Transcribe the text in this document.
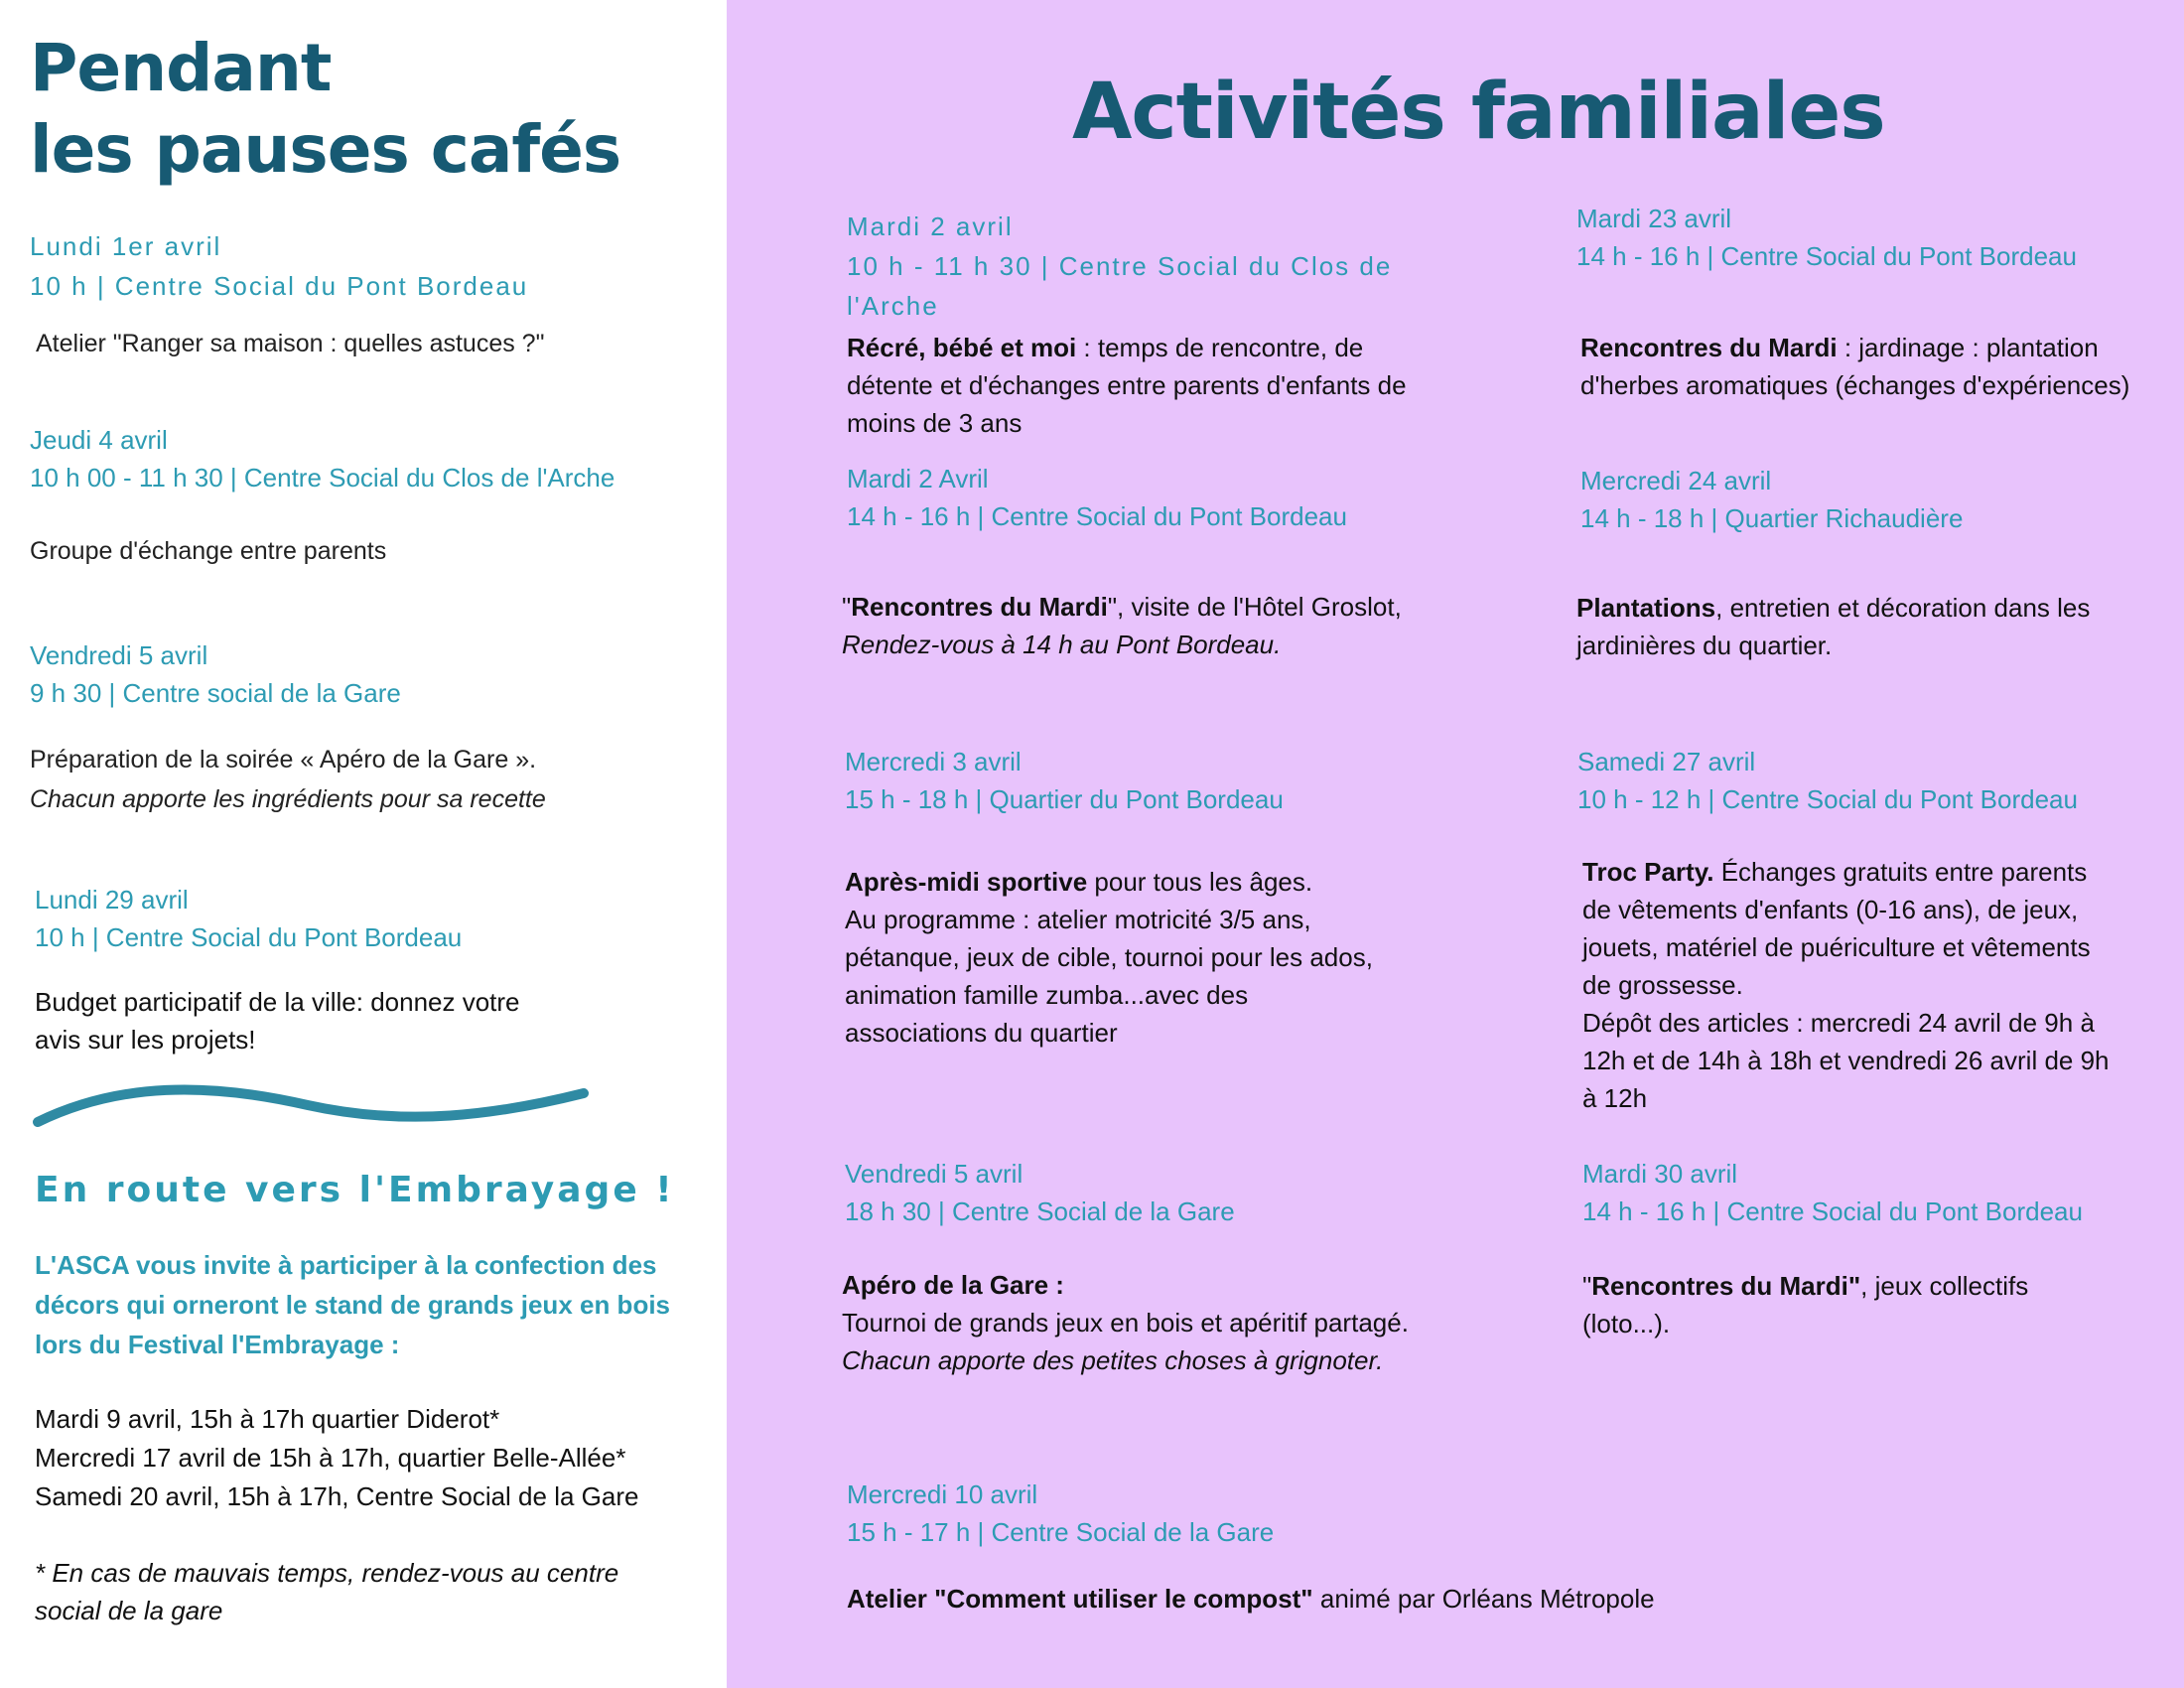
Pendant
les pauses cafés
Lundi 1er avril
10 h | Centre Social du Pont Bordeau
Atelier "Ranger sa maison : quelles astuces ?"
Jeudi 4 avril
10 h 00 - 11 h 30 | Centre Social du Clos de l'Arche
Groupe d'échange entre parents
Vendredi 5 avril
9 h 30 | Centre social de la Gare
Préparation de la soirée « Apéro de la Gare ».
Chacun apporte les ingrédients pour sa recette
Lundi 29 avril
10 h | Centre Social du Pont Bordeau
Budget participatif de la ville: donnez votre
avis sur les projets!
En route vers l'Embrayage !
L'ASCA vous invite à participer à la confection des
décors qui orneront le stand de grands jeux en bois
lors du Festival l'Embrayage :
Mardi 9 avril, 15h à 17h quartier Diderot*
Mercredi 17 avril de 15h à 17h, quartier Belle-Allée*
Samedi 20 avril, 15h à 17h, Centre Social de la Gare
* En cas de mauvais temps, rendez-vous au centre
social de la gare
Activités familiales
Mardi 2 avril
10 h - 11 h 30 | Centre Social du Clos de
l'Arche
Récré, bébé et moi : temps de rencontre, de
détente et d'échanges entre parents d'enfants de
moins de 3 ans
Mardi 2 Avril
14 h - 16 h | Centre Social du Pont Bordeau
"Rencontres du Mardi", visite de l'Hôtel Groslot,
Rendez-vous à 14 h au Pont Bordeau.
Mercredi 3 avril
15 h - 18 h | Quartier du Pont Bordeau
Après-midi sportive pour tous les âges.
Au programme : atelier motricité 3/5 ans,
pétanque, jeux de cible, tournoi pour les ados,
animation famille zumba...avec des
associations du quartier
Vendredi 5 avril
18 h 30 | Centre Social de la Gare
Apéro de la Gare :
Tournoi de grands jeux en bois et apéritif partagé.
Chacun apporte des petites choses à grignoter.
Mercredi 10 avril
15 h - 17 h | Centre Social de la Gare
Atelier "Comment utiliser le compost" animé par Orléans Métropole
Mardi 23 avril
14 h - 16 h | Centre Social du Pont Bordeau
Rencontres du Mardi : jardinage : plantation
d'herbes aromatiques (échanges d'expériences)
Mercredi 24 avril
14 h - 18 h | Quartier Richaudière
Plantations, entretien et décoration dans les
jardinières du quartier.
Samedi 27 avril
10 h - 12 h | Centre Social du Pont Bordeau
Troc Party. Échanges gratuits entre parents
de vêtements d'enfants (0-16 ans), de jeux,
jouets, matériel de puériculture et vêtements
de grossesse.
Dépôt des articles : mercredi 24 avril de 9h à
12h et de 14h à 18h et vendredi 26 avril de 9h
à 12h
Mardi 30 avril
14 h - 16 h | Centre Social du Pont Bordeau
"Rencontres du Mardi", jeux collectifs
(loto...).
